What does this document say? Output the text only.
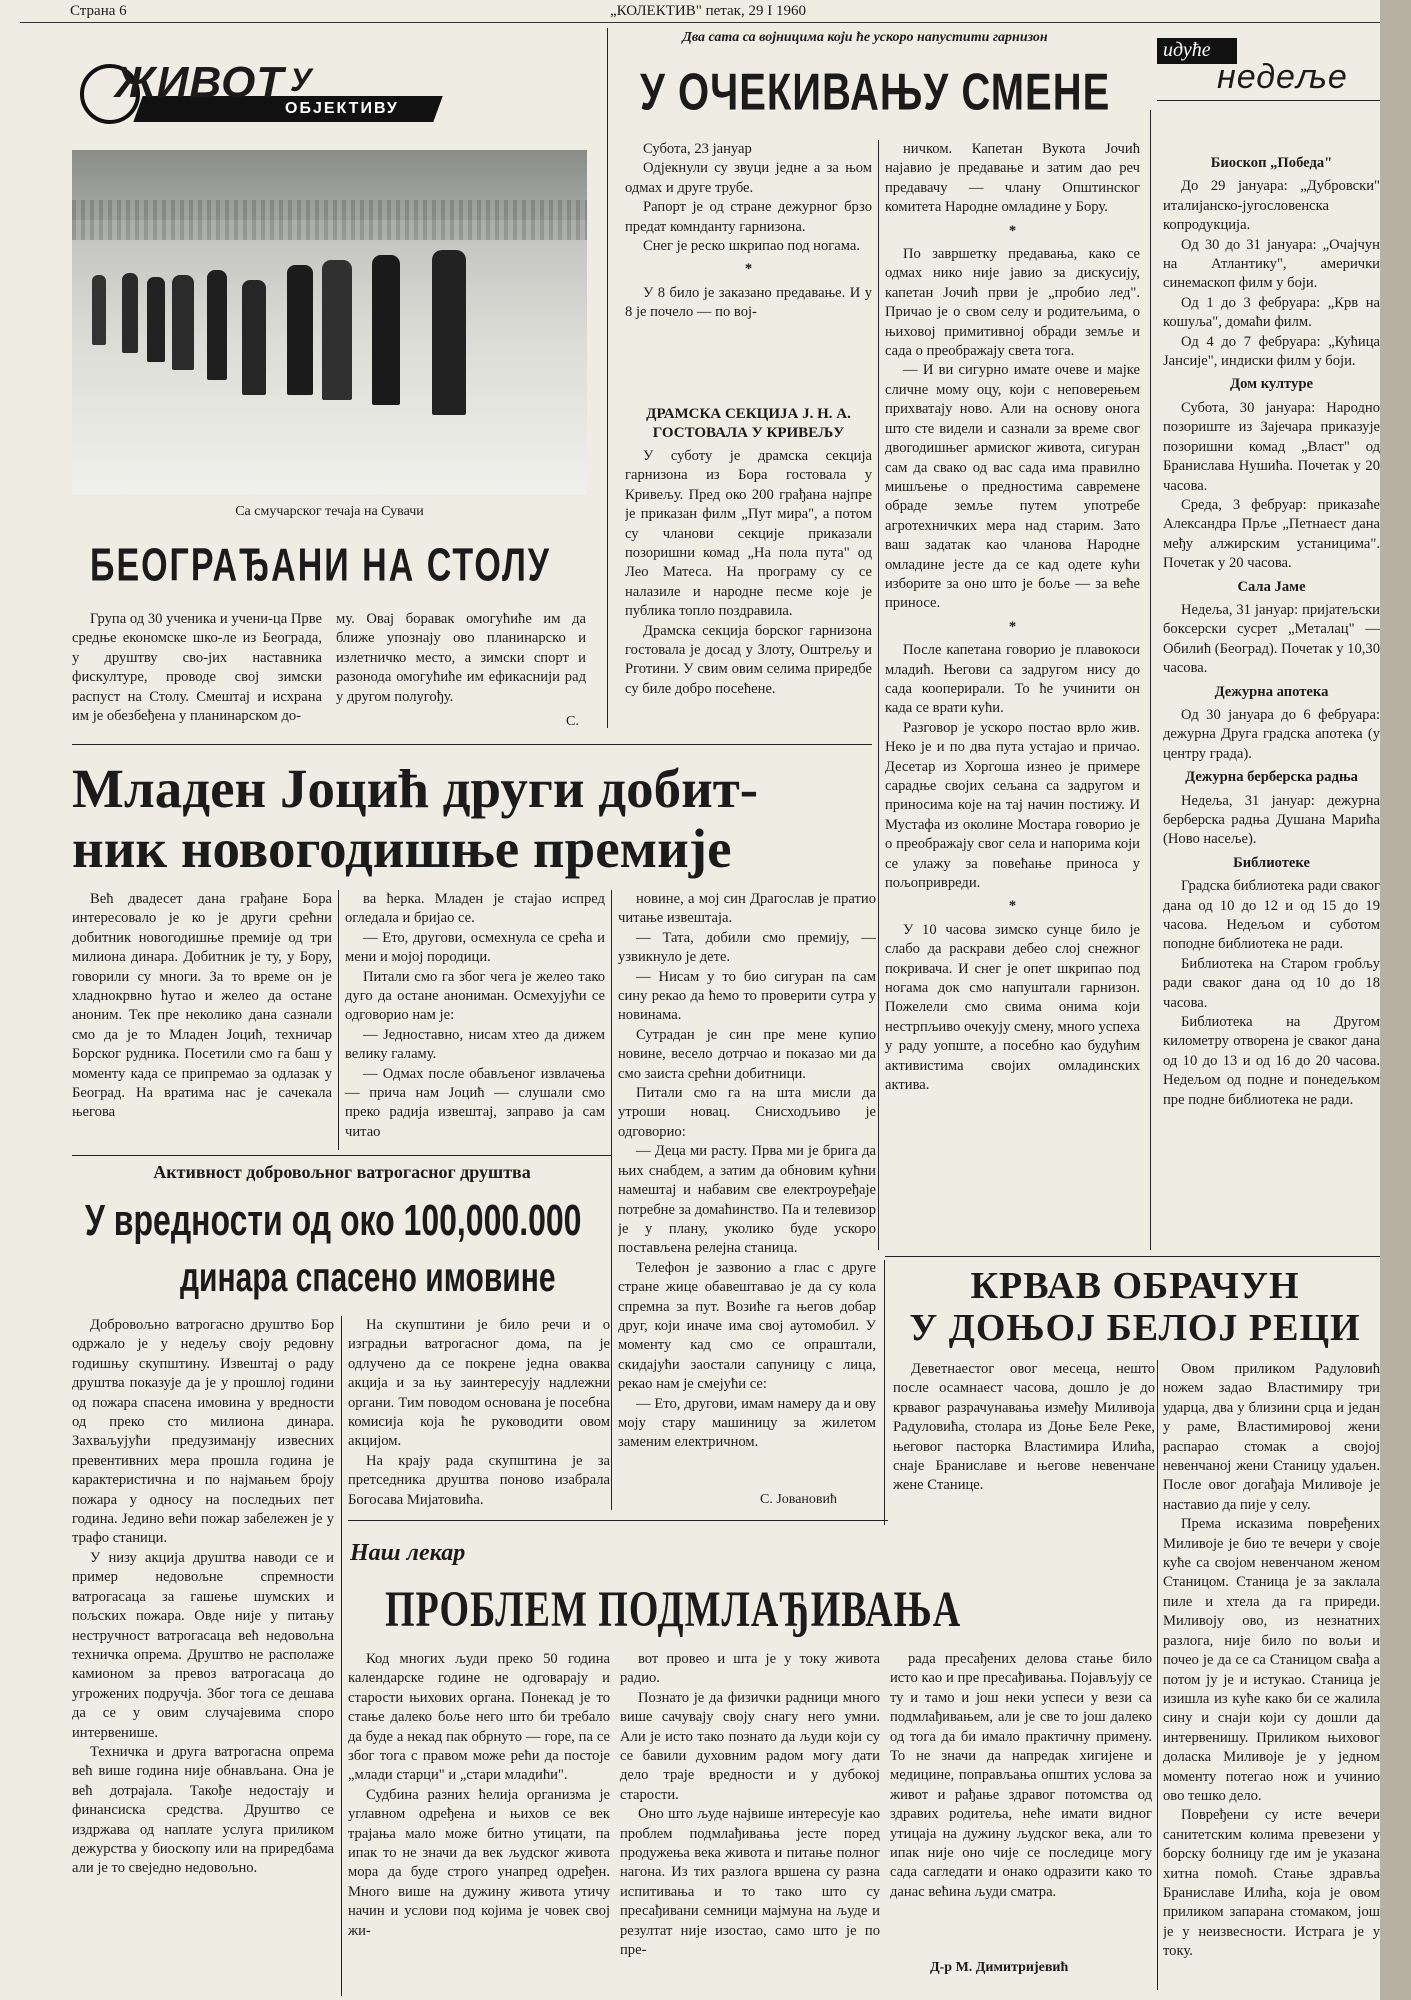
Страна 6	„КОЛЕКТИВ" петак, 29 I 1960
ЖИВОТ У
ОБЈЕКТИВУ
Са смучарског течаја на Сувачи
БЕОГРАЂАНИ НА СТОЛУ

Група од 30 ученика и учени-ца Прве средње економске шко-ле из Београда, у друштву сво-јих наставника фискултуре, проводе свој зимски распуст на Столу. Смештај и исхрана им је обезбеђена у планинарском до-

му. Овај боравак омогућиће им да ближе упознају ово планинарско и излетничко место, а зимски спорт и разонода омогућиће им ефикаснији рад у другом полугођу.

С.
Два сата са војницима који ће ускоро напустити гарнизон
У ОЧЕКИВАЊУ СМЕНЕ

Субота, 23 јануар

Одјекнули су звуци једне а за њом одмах и друге трубе.

Рапорт је од стране дежурног брзо предат комнданту гарнизона.

Снег је реско шкрипао под ногама.

*

У 8 било је заказано предавање. И у 8 је почело — по вој-

ДРАМСКА СЕКЦИЈА Ј. Н. А. ГОСТОВАЛА У КРИВЕЉУ

У суботу је драмска секција гарнизона из Бора гостовала у Кривељу. Пред око 200 грађана најпре је приказан филм „Пут мира", а потом су чланови секције приказали позоришни комад „На пола пута" од Лео Матеса. На програму су се налазиле и народне песме које је публика топло поздравила.

Драмска секција борског гарнизона гостовала је досад у Злоту, Оштрељу и Рготини. У свим овим селима приредбе су биле добро посећене.

ничком. Капетан Вукота Јочић најавио је предавање и затим дао реч предавачу — члану Општинског комитета Народне омладине у Бору.

*

По завршетку предавања, како се одмах нико није јавио за дискусију, капетан Јочић први је „пробио лед". Причао је о свом селу и родитељима, о њиховој примитивној обради земље и сада о преображају света тога.

— И ви сигурно имате очеве и мајке сличне мому оцу, који с неповерењем прихватају ново. Али на основу онога што сте видели и сазнали за време свог двогодишњег армиског живота, сигуран сам да свако од вас сада има правилно мишљење о предностима савремене обраде земље путем употребе агротехничких мера над старим. Зато ваш задатак као чланова Народне омладине јесте да се кад одете кући изборите за оно што је боље — за веће приносе.

*

После капетана говорио је плавокоси младић. Његови са задругом нису до сада кооперирали. То ће учинити он када се врати кући.

Разговор је ускоро постао врло жив. Неко је и по два пута устајао и причао. Десетар из Хоргоша изнео је примере сарадње својих сељана са задругом и приносима које на тај начин постижу. И Мустафа из околине Мостара говорио је о преображају свог села и напорима који се улажу за повећање приноса у пољопривреди.

*

У 10 часова зимско сунце било је слабо да раскрави дебео слој снежног покривача. И снег је опет шкрипао под ногама док смо напуштали гарнизон. Пожелели смо свима онима који нестрпљиво очекују смену, много успеха у раду уопште, а посебно као будућим активистима својих омладинских актива.

идуће
недеље

Биоскоп „Победа"

До 29 јануара: „Дубровски" италијанско-југословенска копродукција.

Од 30 до 31 јануара: „Очајчун на Атлантику", амерички синемаскоп филм у боји.

Од 1 до 3 фебруара: „Крв на кошуља", домаћи филм.

Од 4 до 7 фебруара: „Кућица Јансије", индиски филм у боји.

Дом културе

Субота, 30 јануара: Народно позориште из Зајечара приказује позоришни комад „Власт" од Бранислава Нушића. Почетак у 20 часова.

Среда, 3 фебруар: приказаће Александра Прље „Петнаест дана међу алжирским устаницима". Почетак у 20 часова.

Сала Јаме

Недеља, 31 јануар: пријатељски боксерски сусрет „Металац" — Обилић (Београд). Почетак у 10,30 часова.

Дежурна апотека

Од 30 јануара до 6 фебруара: дежурна Друга градска апотека (у центру града).

Дежурна берберска радња

Недеља, 31 јануар: дежурна берберска радња Душана Марића (Ново насеље).

Библиотеке

Градска библиотека ради сваког дана од 10 до 12 и од 15 до 19 часова. Недељом и суботом поподне библиотека не ради.

Библиотека на Старом гробљу ради сваког дана од 10 до 18 часова.

Библиотека на Другом километру отворена је сваког дана од 10 до 13 и од 16 до 20 часова. Недељом од подне и понедељком пре подне библиотека не ради.

Младен Јоцић други добит-
ник новогодишње премије

Већ двадесет дана грађане Бора интересовало је ко је други срећни добитник новогодишње премије од три милиона динара. Добитник је ту, у Бору, говорили су многи. За то време он је хладнокрвно ћутао и желео да остане аноним. Тек пре неколико дана сазнали смо да је то Младен Јоцић, техничар Борског рудника. Посетили смо га баш у моменту када се припремао за одлазак у Београд. На вратима нас је сачекала његова

ва ћерка. Младен је стајао испред огледала и бријао се.

— Ето, другови, осмехнула се срећа и мени и мојој породици.

Питали смо га због чега је желео тако дуго да остане анониман. Осмехујући се одговорио нам је:

— Једноставно, нисам хтео да дижем велику галаму.

— Одмах после обављеног извлачења — прича нам Јоцић — слушали смо преко радија извештај, заправо ја сам читао

новине, а мој син Драгослав је пратио читање извештаја.

— Тата, добили смо премију, — узвикнуло је дете.

— Нисам у то био сигуран па сам сину рекао да ћемо то проверити сутра у новинама.

Сутрадан је син пре мене купио новине, весело дотрчао и показао ми да смо заиста срећни добитници.

Питали смо га на шта мисли да утроши новац. Снисходљиво је одговорио:

— Деца ми расту. Прва ми је брига да њих снабдем, а затим да обновим кућни намештај и набавим све електроуређаје потребне за домаћинство. Па и телевизор је у плану, уколико буде ускоро постављена релејна станица.

Телефон је зазвонио а глас с друге стране жице обавештавао је да су кола спремна за пут. Возиће га његов добар друг, који иначе има свој аутомобил. У моменту кад смо се опраштали, скидајући заостали сапуницу с лица, рекао нам је смејући се:

— Ето, другови, имам намеру да и ову моју стару машиницу за жилетом заменим електричном.

С. Јовановић
Активност добровољног ватрогасног друштва
У вредности од око 100,000.000
динара спасено имовине

Добровољно ватрогасно друштво Бор одржало је у недељу своју редовну годишњу скупштину. Извештај о раду друштва показује да је у прошлој години од пожара спасена имовина у вредности од преко сто милиона динара. Захваљујући предузиманју извесних превентивних мера прошла година је карактеристична и по најмањем броју пожара у односу на последњих пет година. Једино већи пожар забележен је у трафо станици.

У низу акција друштва наводи се и пример недовољне спремности ватрогасаца за гашење шумских и пољских пожара. Овде није у питању нестручност ватрогасаца већ недовољна техничка опрема. Друштво не располаже камионом за превоз ватрогасаца до угрожених подручја. Због тога се дешава да се у овим случајевима споро интервенише.

Техничка и друга ватрогасна опрема већ више година није обнављана. Она је већ дотрајала. Такође недостају и финансиска средства. Друштво се издржава од наплате услуга приликом дежурства у биоскопу или на приредбама али је то свеједно недовољно.

На скупштини је било речи и о изградњи ватрогасног дома, па је одлучено да се покрене једна оваква акција и за њу заинтересују надлежни органи. Тим поводом основана је посебна комисија која ће руководити овом акцијом.

На крају рада скупштина је за претседника друштва поново изабрала Богосава Мијатовића.

КРВАВ ОБРАЧУН
У ДОЊОЈ БЕЛОЈ РЕЦИ

Деветнаестог овог месеца, нешто после осамнаест часова, дошло је до крвавог разрачунавања између Миливоја Радуловића, столара из Доње Беле Реке, његовог пасторка Властимира Илића, снаје Браниславе и његове невенчане жене Станице.

Овом приликом Радуловић ножем задао Властимиру три ударца, два у близини срца и један у раме, Властимировој жени распарао стомак а својој невенчаној жени Станицу удаљен. После овог догађаја Миливоје је наставио да пије у селу.

Према исказима повређених Миливоје је био те вечери у своје куће са својом невенчаном женом Станицом. Станица је за заклала пиле и хтела да га приреди. Миливоју ово, из незнатних разлога, није било по вољи и почео је да се са Станицом свађа а потом ју је и истукао. Станица је изишла из куће како би се жалила сину и снаји који су дошли да интервенишу. Приликом њиховог доласка Миливоје је у једном моменту потегао нож и учинио ово тешко дело.

Повређени су исте вечери санитетским колима превезени у борску болницу где им је указана хитна помоћ. Стање здравља Браниславе Илића, која је овом приликом запарана стомаком, још је у неизвесности. Истрага је у току.

Наш лекар
ПРОБЛЕМ ПОДМЛАЂИВАЊА

Код многих људи преко 50 година календарске године не одговарају и старости њихових органа. Понекад је то стање далеко боље него што би требало да буде а некад пак обрнуто — горе, па се због тога с правом може рећи да постоје „млади старци" и „стари младићи".

Судбина разних ћелија организма је углавном одређена и њихов се век трајања мало може битно утицати, па ипак то не значи да век људског живота мора да буде строго унапред одређен. Много више на дужину живота утичу начин и услови под којима је човек свој жи-

вот провео и шта је у току живота радио.

Познато је да физички радници много више сачувају своју снагу него умни. Али је исто тако познато да људи који су се бавили духовним радом могу дати дело траје вредности и у дубокој старости.

Оно што људе највише интересује као проблем подмлађивања јесте поред продужења века живота и питање полног нагона. Из тих разлога вршена су разна испитивања и то тако што су пресађивани семници мајмуна на људе и резултат није изостао, само што је по пре-

рада пресађених делова стање било исто као и пре пресађивања. Појављују се ту и тамо и још неки успеси у вези са подмлађивањем, али је све то још далеко од тога да би имало практичну примену. То не значи да напредак хигијене и медицине, поправљања општих услова за живот и рађање здравог потомства од здравих родитеља, неће имати видног утицаја на дужину људског века, али то ипак није оно чије се последице могу сада сагледати и онако одразити како то данас већина људи сматра.

Д-р М. Димитријевић
